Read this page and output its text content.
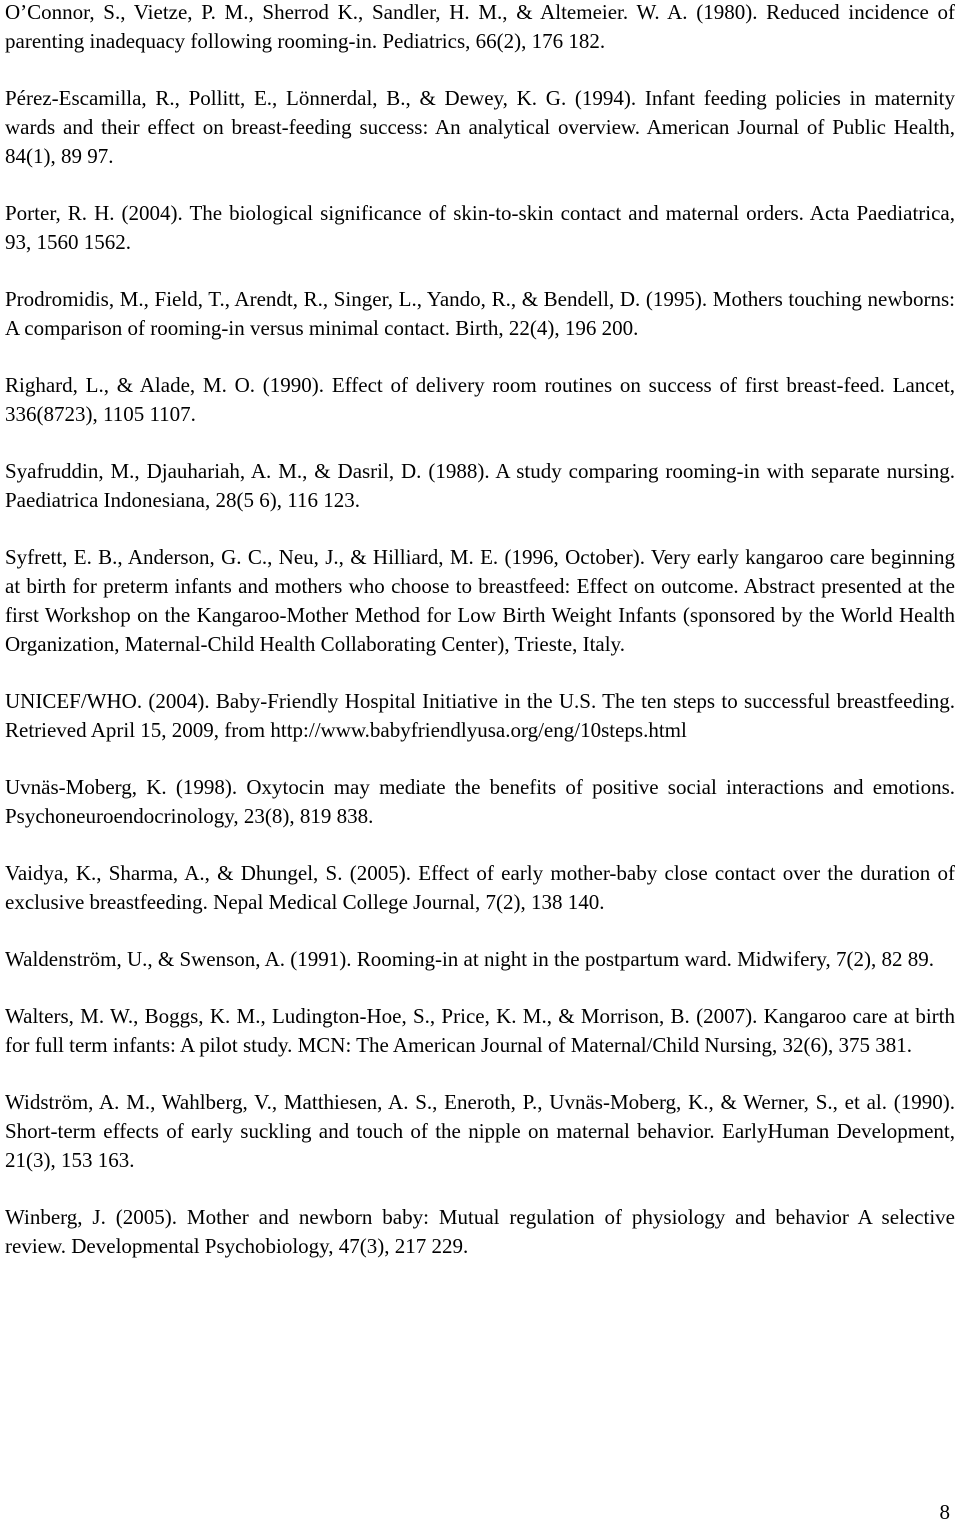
O’Connor, S., Vietze, P. M., Sherrod K., Sandler, H. M., & Altemeier. W. A. (1980). Reduced incidence of parenting inadequacy following rooming-in. Pediatrics, 66(2), 176 182.

Pérez-Escamilla, R., Pollitt, E., Lönnerdal, B., & Dewey, K. G. (1994). Infant feeding policies in maternity wards and their effect on breast-feeding success: An analytical overview. American Journal of Public Health, 84(1), 89 97.

Porter, R. H. (2004). The biological significance of skin-to-skin contact and maternal orders. Acta Paediatrica, 93, 1560 1562.

Prodromidis, M., Field, T., Arendt, R., Singer, L., Yando, R., & Bendell, D. (1995). Mothers touching newborns: A comparison of rooming-in versus minimal contact. Birth, 22(4), 196 200.

Righard, L., & Alade, M. O. (1990). Effect of delivery room routines on success of first breast-feed. Lancet, 336(8723), 1105 1107.

Syafruddin, M., Djauhariah, A. M., & Dasril, D. (1988). A study comparing rooming-in with separate nursing. Paediatrica Indonesiana, 28(5 6), 116 123.

Syfrett, E. B., Anderson, G. C., Neu, J., & Hilliard, M. E. (1996, October). Very early kangaroo care beginning at birth for preterm infants and mothers who choose to breastfeed: Effect on outcome. Abstract presented at the first Workshop on the Kangaroo-Mother Method for Low Birth Weight Infants (sponsored by the World Health Organization, Maternal-Child Health Collaborating Center), Trieste, Italy.

UNICEF/WHO. (2004). Baby-Friendly Hospital Initiative in the U.S. The ten steps to successful breastfeeding. Retrieved April 15, 2009, from http://www.babyfriendlyusa.org/eng/10steps.html

Uvnäs-Moberg, K. (1998). Oxytocin may mediate the benefits of positive social interactions and emotions. Psychoneuroendocrinology, 23(8), 819 838.

Vaidya, K., Sharma, A., & Dhungel, S. (2005). Effect of early mother-baby close contact over the duration of exclusive breastfeeding. Nepal Medical College Journal, 7(2), 138 140.

Waldenström, U., & Swenson, A. (1991). Rooming-in at night in the postpartum ward. Midwifery, 7(2), 82 89.

Walters, M. W., Boggs, K. M., Ludington-Hoe, S., Price, K. M., & Morrison, B. (2007). Kangaroo care at birth for full term infants: A pilot study. MCN: The American Journal of Maternal/Child Nursing, 32(6), 375 381.

Widström, A. M., Wahlberg, V., Matthiesen, A. S., Eneroth, P., Uvnäs-Moberg, K., & Werner, S., et al. (1990). Short-term effects of early suckling and touch of the nipple on maternal behavior. EarlyHuman Development, 21(3), 153 163.

Winberg, J. (2005). Mother and newborn baby: Mutual regulation of physiology and behavior A selective review. Developmental Psychobiology, 47(3), 217 229.

8
